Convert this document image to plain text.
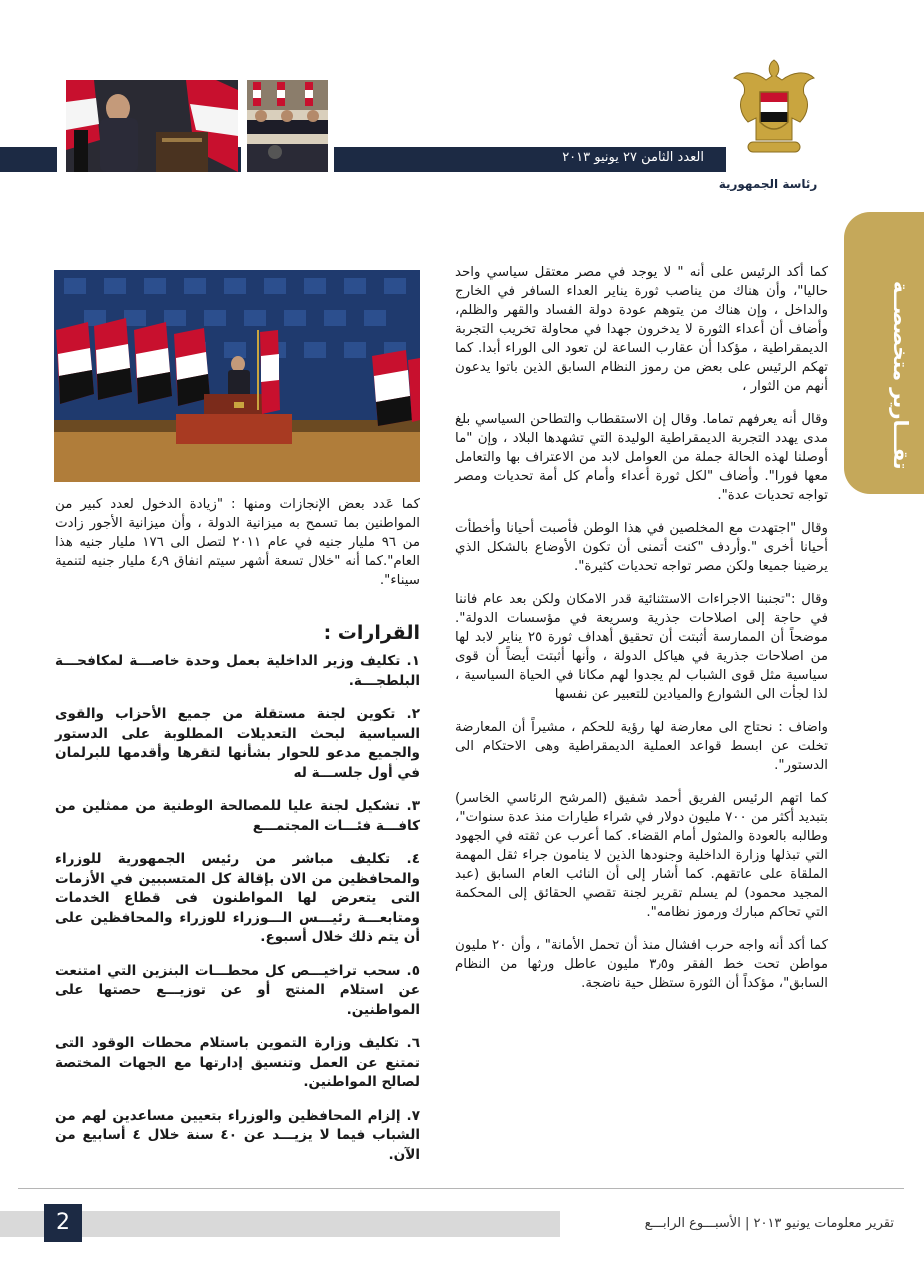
العدد الثامن ٢٧ يونيو ٢٠١٣
رئاسة الجمهورية
تقـــارير متخصصــة

كما أكد الرئيس على أنه " لا يوجد في مصر معتقل سياسي واحد حاليا"، وأن هناك من يناصب ثورة يناير العداء السافر في الخارج والداخل ، وإن هناك من يتوهم عودة دولة الفساد والقهر والظلم، وأضاف أن أعداء الثورة لا يدخرون جهدا في محاولة تخريب التجربة الديمقراطية ، مؤكدا أن عقارب الساعة لن تعود الى الوراء أبدا. كما تهكم الرئيس على بعض من رموز النظام السابق الذين باتوا يدعون أنهم من الثوار ،

وقال أنه يعرفهم تماما. وقال إن الاستقطاب والتطاحن السياسي بلغ مدى يهدد التجربة الديمقراطية الوليدة التي تشهدها البلاد ، وإن "ما أوصلنا لهذه الحالة جملة من العوامل لابد من الاعتراف بها والتعامل معها فورا". وأضاف "لكل ثورة أعداء وأمام كل أمة تحديات ومصر تواجه تحديات عدة".

وقال "اجتهدت مع المخلصين في هذا الوطن فأصبت أحيانا وأخطأت أحيانا أخرى ".وأردف "كنت أتمنى أن تكون الأوضاع بالشكل الذي يرضينا جميعا ولكن مصر تواجه تحديات كثيرة".

وقال :"تجنبنا الاجراءات الاستثنائية قدر الامكان ولكن بعد عام فاننا في حاجة إلى اصلاحات جذرية وسريعة في مؤسسات الدولة". موضحاً أن الممارسة أثبتت أن تحقيق أهداف ثورة ٢٥ يناير لابد لها من اصلاحات جذرية في هياكل الدولة ، وأنها أثبتت أيضاً أن قوى سياسية مثل قوى الشباب لم يجدوا لهم مكانا في الحياة السياسية ، لذا لجأت الى الشوارع والميادين للتعبير عن نفسها

واضاف : نحتاج الى معارضة لها رؤية للحكم ، مشيراً أن المعارضة تخلت عن ابسط قواعد العملية الديمقراطية وهى الاحتكام الى الدستور".

كما اتهم الرئيس الفريق أحمد شفيق (المرشح الرئاسي الخاسر) بتبديد أكثر من ٧٠٠ مليون دولار في شراء طيارات منذ عدة سنوات"، وطالبه بالعودة والمثول أمام القضاء. كما أعرب عن ثقته في الجهود التي تبذلها وزارة الداخلية وجنودها الذين لا ينامون جراء ثقل المهمة الملقاة على عاتقهم. كما أشار إلى أن النائب العام السابق (عبد المجيد محمود) لم يسلم تقرير لجنة تقصي الحقائق إلى المحكمة التي تحاكم مبارك ورموز نظامه".

كما أكد أنه واجه حرب افشال منذ أن تحمل الأمانة" ، وأن ٢٠ مليون مواطن تحت خط الفقر و٣٫٥ مليون عاطل ورثها من النظام السابق"، مؤكداً أن الثورة ستظل حية ناضجة.

كما عَدد بعض الإنجازات ومنها : "زيادة الدخول لعدد كبير من المواطنين بما تسمح به ميزانية الدولة ، وأن ميزانية الأجور زادت من ٩٦ مليار جنيه في عام ٢٠١١ لتصل الى ١٧٦ مليار جنيه هذا العام".كما أنه "خلال تسعة أشهر سيتم انفاق ٤٫٩ مليار جنيه لتنمية سيناء".
القرارات :
١. تكليف وزير الداخلية بعمل وحدة خاصـــة لمكافحـــة البلطجـــة.
٢. تكوين لجنة مستقلة من جميع الأحزاب والقوى السياسية لبحث التعديلات المطلوبة على الدستور والجميع مدعو للحوار بشأنها لتقرها وأقدمها للبرلمان في أول جلســـة له
٣. تشكيل لجنة عليا للمصالحة الوطنية من ممثلين من كافـــة فئـــات المجتمـــع
٤. تكليف مباشر من رئيس الجمهورية للوزراء والمحافظين من الان بإقالة كل المتسببين في الأزمات التى يتعرض لها المواطنون فى قطاع الخدمات ومتابعـــة رئيـــس الـــوزراء للوزراء والمحافظين على أن يتم ذلك خلال أسبوع.
٥. سحب تراخيـــص كل محطـــات البنزين التي امتنعت عن استلام المنتج أو عن توزيـــع حصتها على المواطنين.
٦. تكليف وزارة التموين باستلام محطات الوقود التى تمتنع عن العمل وتنسيق إدارتها مع الجهات المختصة لصالح المواطنين.
٧. إلزام المحافظين والوزراء بتعيين مساعدين لهم من الشباب فيما لا يزيـــد عن ٤٠ سنة خلال ٤ أسابيع من الآن.
2	تقرير معلومات يونيو ٢٠١٣ | الأسبـــوع الرابـــع
